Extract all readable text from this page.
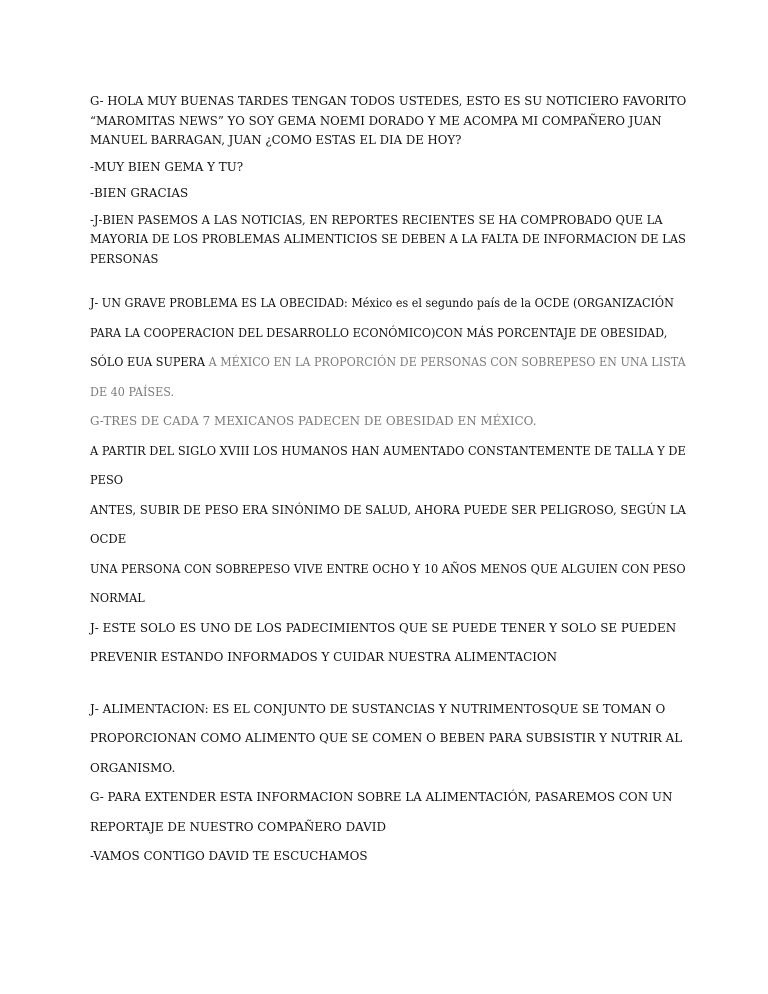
G- HOLA MUY BUENAS TARDES TENGAN TODOS USTEDES, ESTO ES SU NOTICIERO FAVORITO
“MAROMITAS NEWS” YO SOY GEMA NOEMI DORADO Y ME ACOMPA MI COMPAÑERO JUAN
MANUEL BARRAGAN, JUAN ¿COMO ESTAS EL DIA DE HOY?

-MUY BIEN GEMA Y TU?

-BIEN GRACIAS

-J-BIEN PASEMOS A LAS NOTICIAS, EN REPORTES RECIENTES SE HA COMPROBADO QUE LA
MAYORIA DE LOS PROBLEMAS ALIMENTICIOS SE DEBEN A LA FALTA DE INFORMACION DE LAS
PERSONAS

J- UN GRAVE PROBLEMA ES LA OBECIDAD: México es el segundo país de la OCDE (ORGANIZACIÓN
PARA LA COOPERACION DEL DESARROLLO ECONÓMICO)CON MÁS PORCENTAJE DE OBESIDAD,
SÓLO EUA SUPERA A MÉXICO EN LA PROPORCIÓN DE PERSONAS CON SOBREPESO EN UNA LISTA
DE 40 PAÍSES.

G-TRES DE CADA 7 MEXICANOS PADECEN DE OBESIDAD EN MÉXICO.

A PARTIR DEL SIGLO XVIII LOS HUMANOS HAN AUMENTADO CONSTANTEMENTE DE TALLA Y DE
PESO

ANTES, SUBIR DE PESO ERA SINÓNIMO DE SALUD, AHORA PUEDE SER PELIGROSO, SEGÚN LA
OCDE

UNA PERSONA CON SOBREPESO VIVE ENTRE OCHO Y 10 AÑOS MENOS QUE ALGUIEN CON PESO
NORMAL

J- ESTE SOLO ES UNO DE LOS PADECIMIENTOS QUE SE PUEDE TENER Y SOLO SE PUEDEN
PREVENIR ESTANDO INFORMADOS Y CUIDAR NUESTRA ALIMENTACION

J- ALIMENTACION: ES EL CONJUNTO DE SUSTANCIAS Y NUTRIMENTOSQUE SE TOMAN O
PROPORCIONAN COMO ALIMENTO QUE SE COMEN O BEBEN PARA SUBSISTIR Y NUTRIR AL
ORGANISMO.

G- PARA EXTENDER ESTA INFORMACION SOBRE LA ALIMENTACIÓN, PASAREMOS CON UN
REPORTAJE DE NUESTRO COMPAÑERO DAVID

-VAMOS CONTIGO DAVID TE ESCUCHAMOS
